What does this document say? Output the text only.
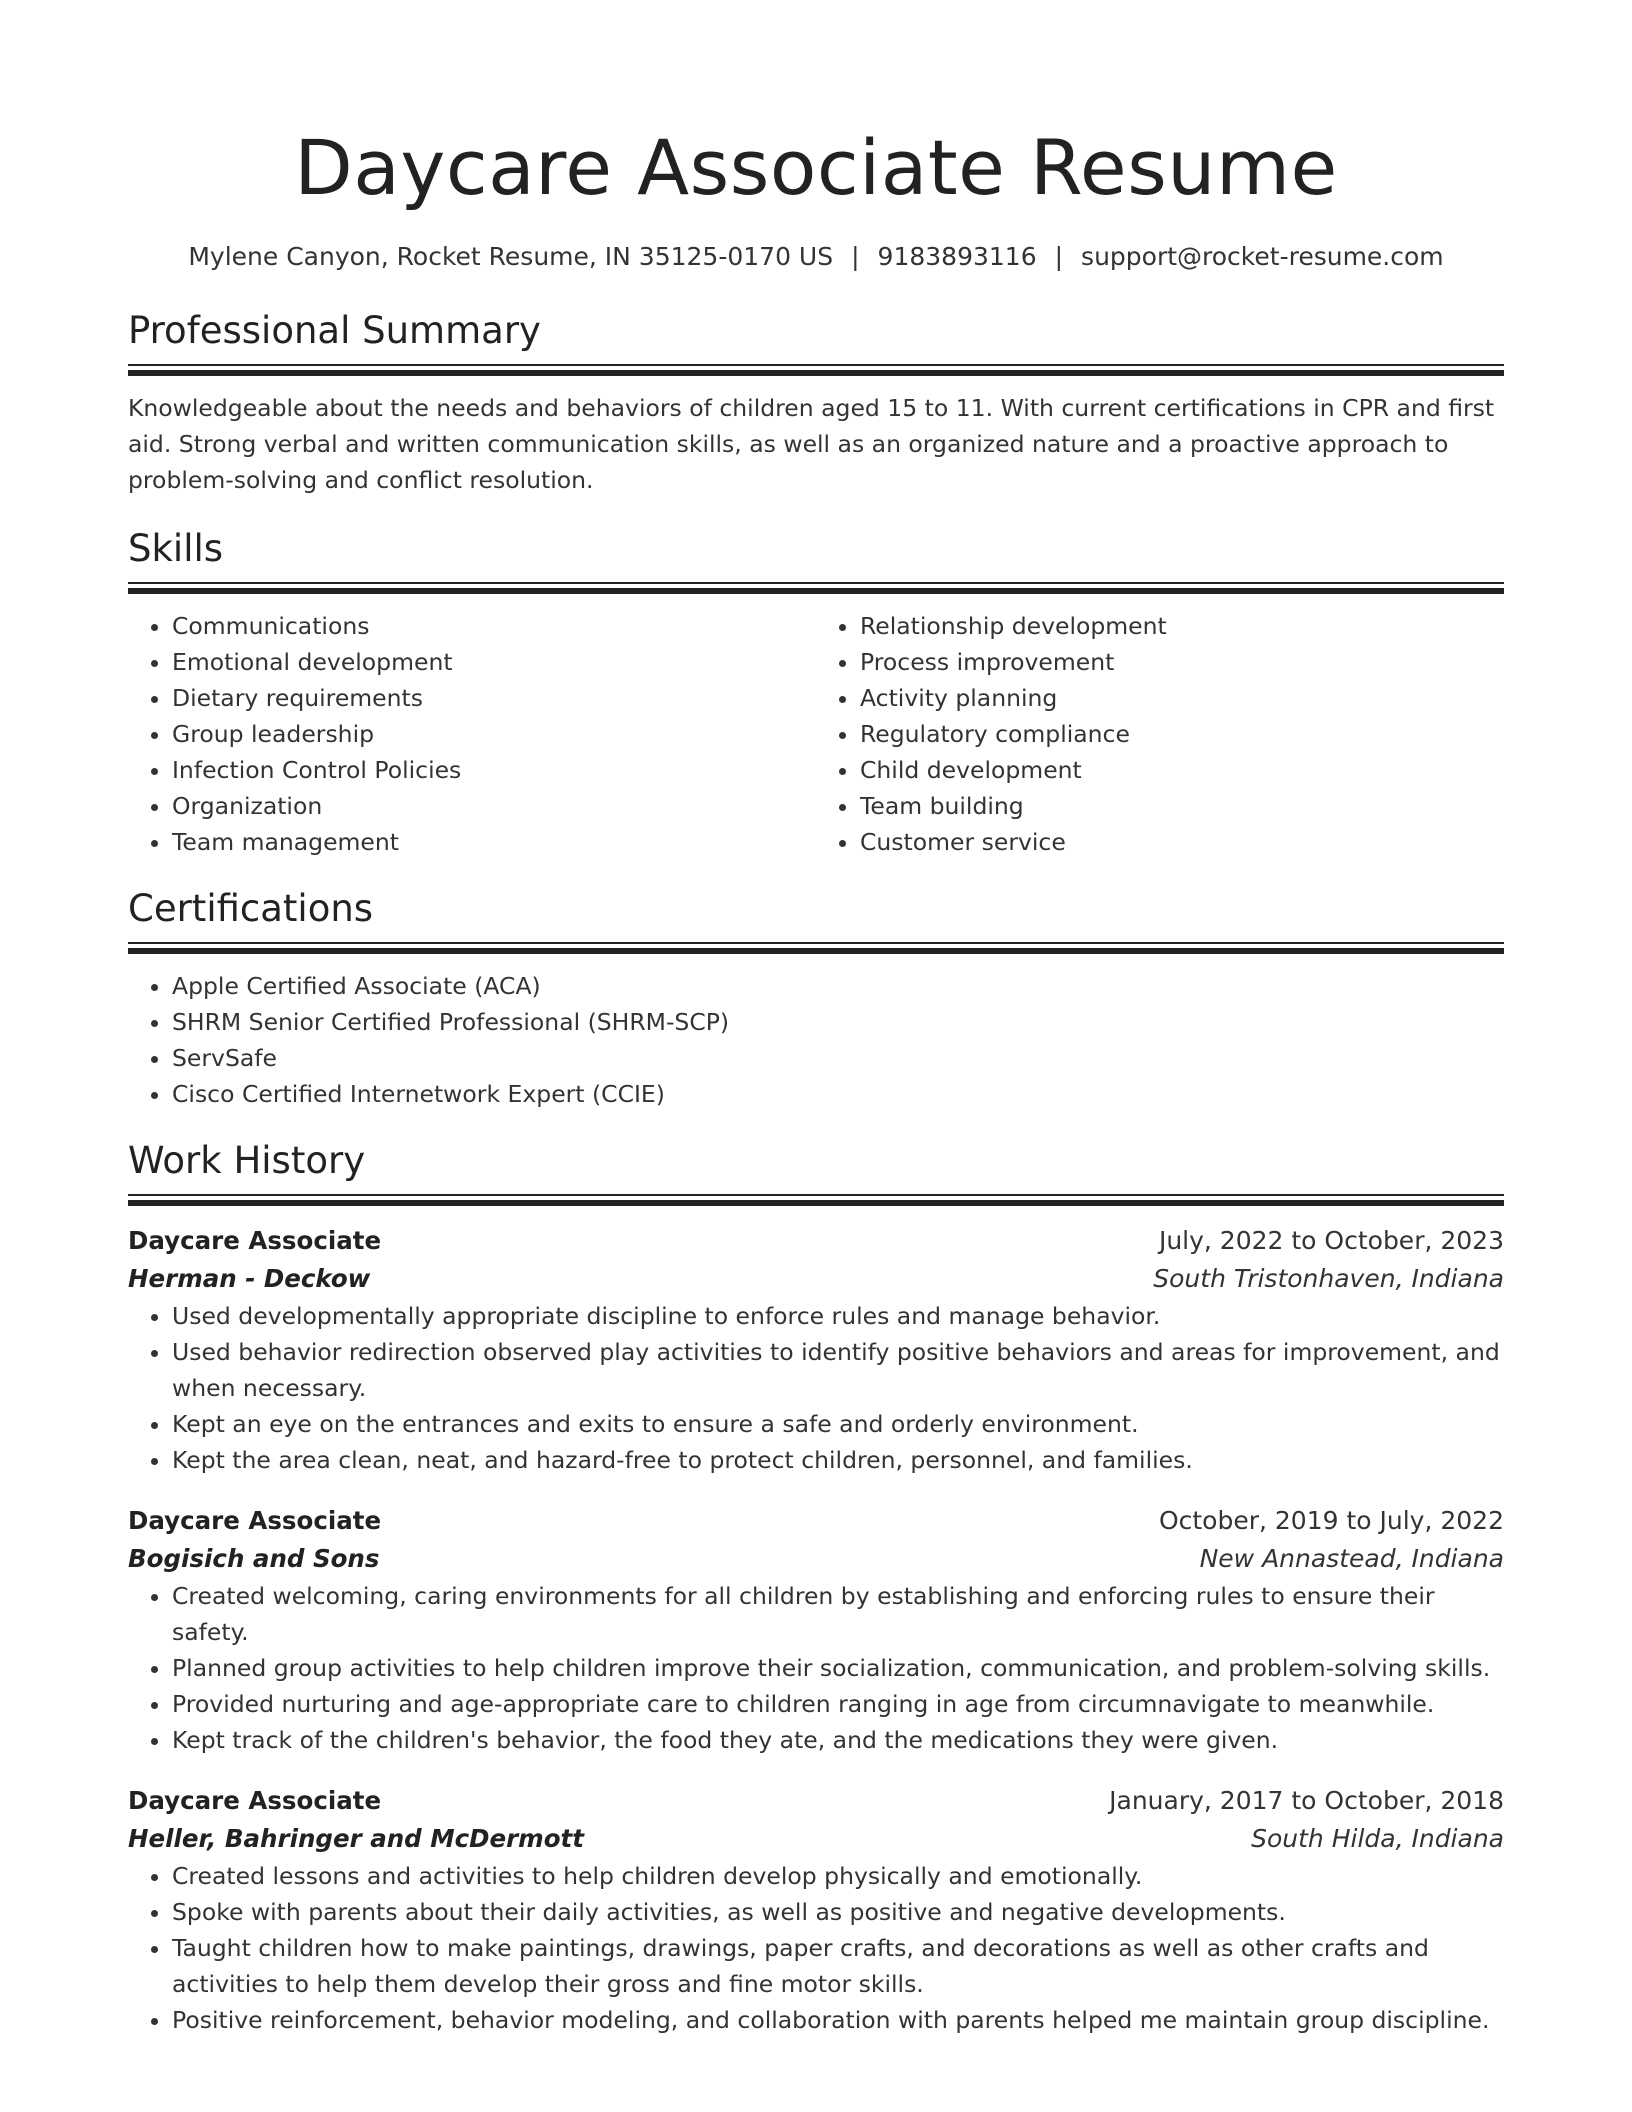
Daycare Associate Resume
Mylene Canyon, Rocket Resume, IN 35125-0170 US | 9183893116 | support@rocket-resume.com
Professional Summary

Knowledgeable about the needs and behaviors of children aged 15 to 11. With current certifications in CPR and first aid. Strong verbal and written communication skills, as well as an organized nature and a proactive approach to problem-solving and conflict resolution.

Skills
• Communications
• Emotional development
• Dietary requirements
• Group leadership
• Infection Control Policies
• Organization
• Team management
• Relationship development
• Process improvement
• Activity planning
• Regulatory compliance
• Child development
• Team building
• Customer service
Certifications
• Apple Certified Associate (ACA)
• SHRM Senior Certified Professional (SHRM-SCP)
• ServSafe
• Cisco Certified Internetwork Expert (CCIE)
Work History
Daycare Associate	July, 2022 to October, 2023
Herman - Deckow	South Tristonhaven, Indiana
• Used developmentally appropriate discipline to enforce rules and manage behavior.
• Used behavior redirection observed play activities to identify positive behaviors and areas for improvement, and when necessary.
• Kept an eye on the entrances and exits to ensure a safe and orderly environment.
• Kept the area clean, neat, and hazard-free to protect children, personnel, and families.
Daycare Associate	October, 2019 to July, 2022
Bogisich and Sons	New Annastead, Indiana
• Created welcoming, caring environments for all children by establishing and enforcing rules to ensure their safety.
• Planned group activities to help children improve their socialization, communication, and problem-solving skills.
• Provided nurturing and age-appropriate care to children ranging in age from circumnavigate to meanwhile.
• Kept track of the children's behavior, the food they ate, and the medications they were given.
Daycare Associate	January, 2017 to October, 2018
Heller, Bahringer and McDermott	South Hilda, Indiana
• Created lessons and activities to help children develop physically and emotionally.
• Spoke with parents about their daily activities, as well as positive and negative developments.
• Taught children how to make paintings, drawings, paper crafts, and decorations as well as other crafts and activities to help them develop their gross and fine motor skills.
• Positive reinforcement, behavior modeling, and collaboration with parents helped me maintain group discipline.
